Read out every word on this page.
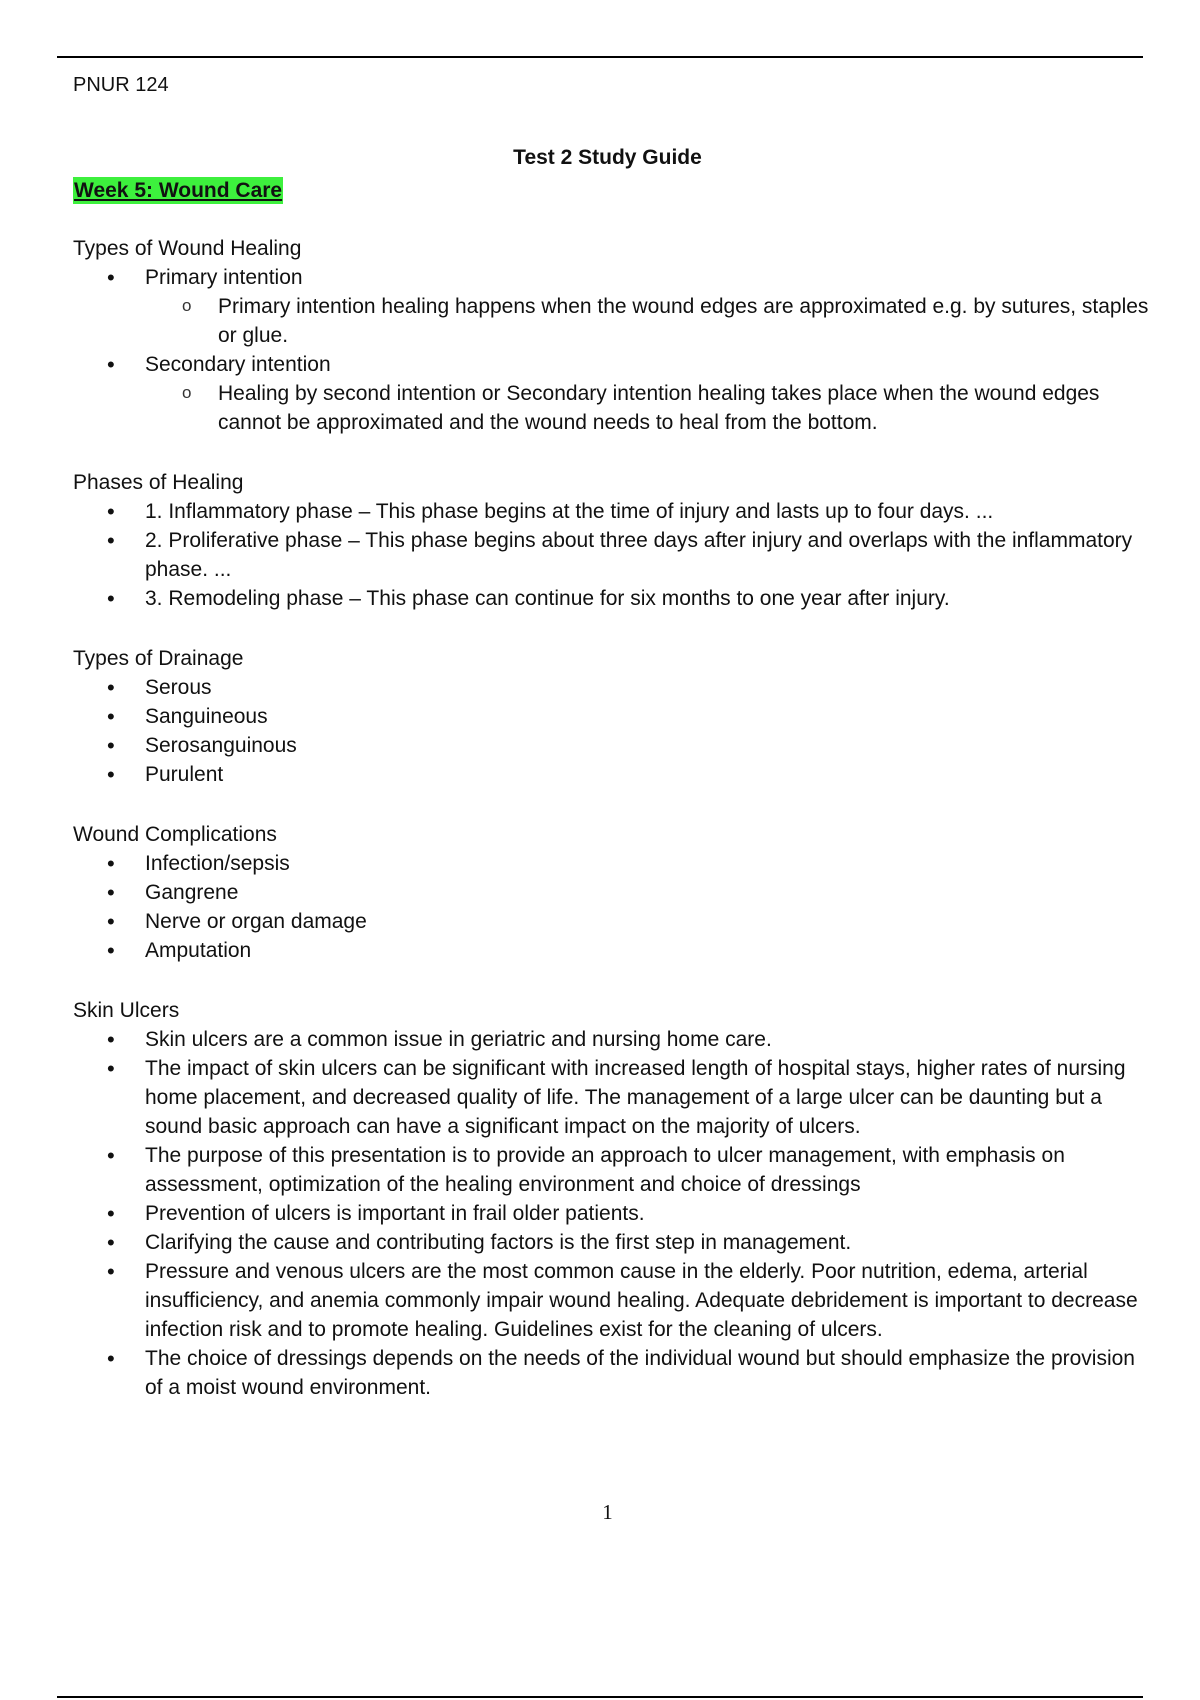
PNUR 124
Test 2 Study Guide
Week 5: Wound Care

Types of Wound Healing

• Primary intention
o Primary intention healing happens when the wound edges are approximated e.g. by sutures, staples or glue.
• Secondary intention
o Healing by second intention or Secondary intention healing takes place when the wound edges cannot be approximated and the wound needs to heal from the bottom.

Phases of Healing

• 1. Inflammatory phase – This phase begins at the time of injury and lasts up to four days. ...
• 2. Proliferative phase – This phase begins about three days after injury and overlaps with the inflammatory phase. ...
• 3. Remodeling phase – This phase can continue for six months to one year after injury.

Types of Drainage

• Serous
• Sanguineous
• Serosanguinous
• Purulent

Wound Complications

• Infection/sepsis
• Gangrene
• Nerve or organ damage
• Amputation

Skin Ulcers

• Skin ulcers are a common issue in geriatric and nursing home care.
• The impact of skin ulcers can be significant with increased length of hospital stays, higher rates of nursing home placement, and decreased quality of life. The management of a large ulcer can be daunting but a sound basic approach can have a significant impact on the majority of ulcers.
• The purpose of this presentation is to provide an approach to ulcer management, with emphasis on assessment, optimization of the healing environment and choice of dressings
• Prevention of ulcers is important in frail older patients.
• Clarifying the cause and contributing factors is the first step in management.
• Pressure and venous ulcers are the most common cause in the elderly. Poor nutrition, edema, arterial insufficiency, and anemia commonly impair wound healing. Adequate debridement is important to decrease infection risk and to promote healing. Guidelines exist for the cleaning of ulcers.
• The choice of dressings depends on the needs of the individual wound but should emphasize the provision of a moist wound environment.
1
